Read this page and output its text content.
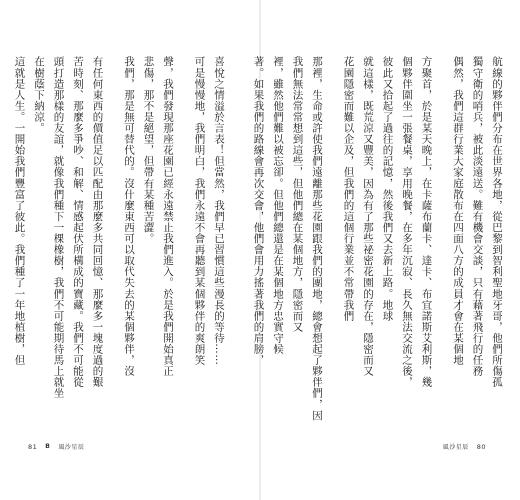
航線的夥伴們分布在世界各地，從巴黎到智利聖地牙哥，他們所傷孤
獨守衛的哨兵，被此淡遠送。難有機會交談，只有藉著飛行的任務
偶然，我們這群行業大家庭散布在四面八方的成員才會在某個地
方聚首，於是某天晚上，在卡薩布蘭卡、達卡、布宜諾斯艾利斯，幾
個夥伴圍坐一張餐桌，享用晚餐，在多年沉寂、長久無法交流之後，
彼此又拾起了過往的記憶，然後我們又去新上路。地球
就這樣，既荒涼又豐美，因為有了那些祕密花園的存在，隱密而又
花園隱密而難以企及，但我們的這個行業並不常帶我們
那裡，生命或許使我們遠離那些花園跟我們的團地，總會想起了夥伴們，因
我們無法常常想到這些，但他們總在某個地方，隱密而又
裡，雖然他們難以被忘卻。但他們總還是在某個地方忠實守候
著。如果我們的路線會再次交會，他們會用力搖著我們的肩膀，
風沙星辰 80
喜悅之情溢於言表！但當然，我們早已習慣這些漫長的等待……
可是慢慢地，我們明白，我們永遠不會再聽到某個夥伴的爽朗笑
聲，我們發現那座花園已經永遠禁止我們進入。於是我們開始真正
悲傷，那不是絕望，但帶有某種苦澀。
我們，那是無可替代的。沒什麼東西可以取代失去的某個夥伴，沒
有任何東西的價值足以匹配由那麼多共同回憶、那麼多一塊度過的艱
苦時刻、那麼多爭吵、和解、情感起伏所構成的寶藏。我們不可能從
頭打造那樣的友誼，就像我們種下一棵橡樹，我們不可能期待馬上就坐
在樹蔭下納涼。
這就是人生。一開始我們豐富了彼此。我們種了一年地植樹，但
81 B 風沙星辰
